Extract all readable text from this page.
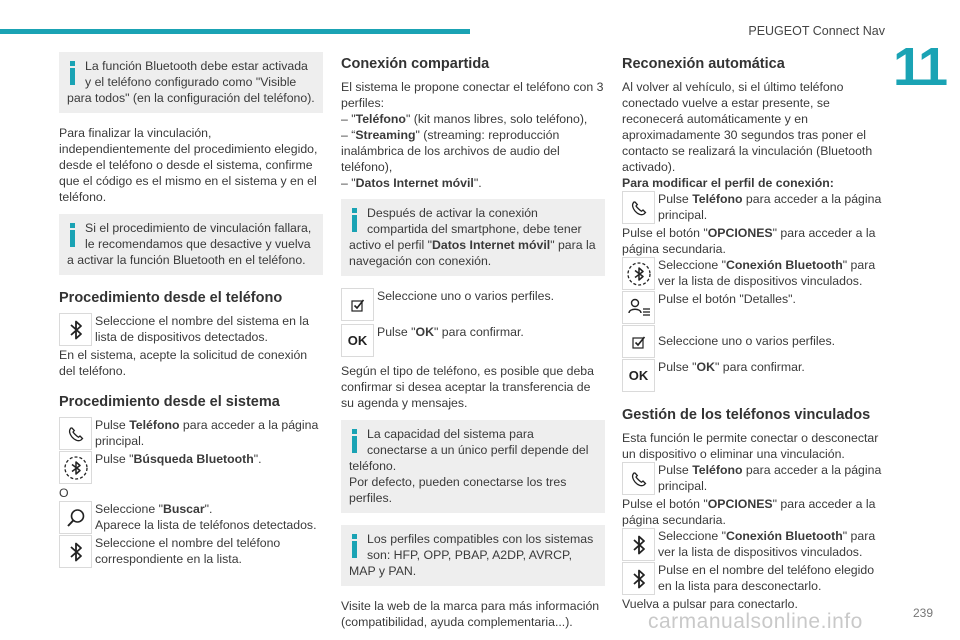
PEUGEOT Connect Nav
11
La función Bluetooth debe estar activada y el teléfono configurado como "Visible para todos" (en la configuración del teléfono).

Para finalizar la vinculación, independientemente del procedimiento elegido, desde el teléfono o desde el sistema, confirme que el código es el mismo en el sistema y en el teléfono.

Si el procedimiento de vinculación fallara, le recomendamos que desactive y vuelva a activar la función Bluetooth en el teléfono.
Procedimiento desde el teléfono
Seleccione el nombre del sistema en la lista de dispositivos detectados.

En el sistema, acepte la solicitud de conexión del teléfono.

Procedimiento desde el sistema
Pulse Teléfono para acceder a la página principal.
Pulse "Búsqueda Bluetooth".

O

Seleccione "Buscar".
Aparece la lista de teléfonos detectados.
Seleccione el nombre del teléfono correspondiente en la lista.
Conexión compartida

El sistema le propone conectar el teléfono con 3 perfiles:

– "Teléfono" (kit manos libres, solo teléfono),
– “Streaming" (streaming: reproducción inalámbrica de los archivos de audio del teléfono),
– "Datos Internet móvil".
Después de activar la conexión compartida del smartphone, debe tener activo el perfil "Datos Internet móvil" para la navegación con conexión.
Seleccione uno o varios perfiles.
OK
Pulse "OK" para confirmar.

Según el tipo de teléfono, es posible que deba confirmar si desea aceptar la transferencia de su agenda y mensajes.

La capacidad del sistema para conectarse a un único perfil depende del teléfono.
Por defecto, pueden conectarse los tres perfiles.
Los perfiles compatibles con los sistemas son: HFP, OPP, PBAP, A2DP, AVRCP, MAP y PAN.

Visite la web de la marca para más información (compatibilidad, ayuda complementaria...).

Reconexión automática

Al volver al vehículo, si el último teléfono conectado vuelve a estar presente, se reconecerá automáticamente y en aproximadamente 30 segundos tras poner el contacto se realizará la vinculación (Bluetooth activado).

Para modificar el perfil de conexión:
Pulse Teléfono para acceder a la página principal.
Pulse el botón "OPCIONES" para acceder a la página secundaria.
Seleccione "Conexión Bluetooth" para ver la lista de dispositivos vinculados.
Pulse el botón "Detalles".
Seleccione uno o varios perfiles.
OK
Pulse "OK" para confirmar.
Gestión de los teléfonos vinculados

Esta función le permite conectar o desconectar un dispositivo o eliminar una vinculación.

Pulse Teléfono para acceder a la página principal.
Pulse el botón "OPCIONES" para acceder a la página secundaria.
Seleccione "Conexión Bluetooth" para ver la lista de dispositivos vinculados.
Pulse en el nombre del teléfono elegido en la lista para desconectarlo.
Vuelva a pulsar para conectarlo.
carmanualsonline.info	239
